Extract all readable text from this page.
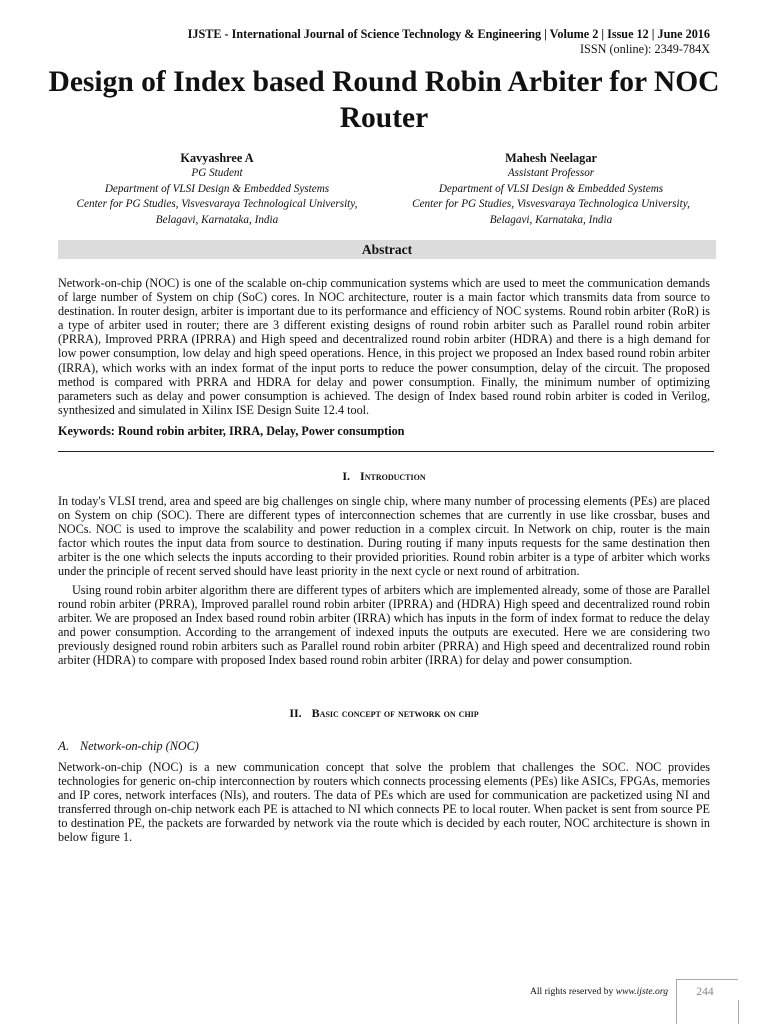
IJSTE - International Journal of Science Technology & Engineering | Volume 2 | Issue 12 | June 2016
ISSN (online): 2349-784X
Design of Index based Round Robin Arbiter for NOC Router
Kavyashree A
PG Student
Department of VLSI Design & Embedded Systems
Center for PG Studies, Visvesvaraya Technological University,
Belagavi, Karnataka, India
Mahesh Neelagar
Assistant Professor
Department of VLSI Design & Embedded Systems
Center for PG Studies, Visvesvaraya Technologica University,
Belagavi, Karnataka, India
Abstract
Network-on-chip (NOC) is one of the scalable on-chip communication systems which are used to meet the communication demands of large number of System on chip (SoC) cores. In NOC architecture, router is a main factor which transmits data from source to destination. In router design, arbiter is important due to its performance and efficiency of NOC systems. Round robin arbiter (RoR) is a type of arbiter used in router; there are 3 different existing designs of round robin arbiter such as Parallel round robin arbiter (PRRA), Improved PRRA (IPRRA) and High speed and decentralized round robin arbiter (HDRA) and there is a high demand for low power consumption, low delay and high speed operations. Hence, in this project we proposed an Index based round robin arbiter (IRRA), which works with an index format of the input ports to reduce the power consumption, delay of the circuit. The proposed method is compared with PRRA and HDRA for delay and power consumption. Finally, the minimum number of optimizing parameters such as delay and power consumption is achieved. The design of Index based round robin arbiter is coded in Verilog, synthesized and simulated in Xilinx ISE Design Suite 12.4 tool.
Keywords: Round robin arbiter, IRRA, Delay, Power consumption
I. Introduction
In today's VLSI trend, area and speed are big challenges on single chip, where many number of processing elements (PEs) are placed on System on chip (SOC). There are different types of interconnection schemes that are currently in use like crossbar, buses and NOCs. NOC is used to improve the scalability and power reduction in a complex circuit. In Network on chip, router is the main factor which routes the input data from source to destination. During routing if many inputs requests for the same destination then arbiter is the one which selects the inputs according to their provided priorities. Round robin arbiter is a type of arbiter which works under the principle of recent served should have least priority in the next cycle or next round of arbitration.
Using round robin arbiter algorithm there are different types of arbiters which are implemented already, some of those are Parallel round robin arbiter (PRRA), Improved parallel round robin arbiter (IPRRA) and (HDRA) High speed and decentralized round robin arbiter. We are proposed an Index based round robin arbiter (IRRA) which has inputs in the form of index format to reduce the delay and power consumption. According to the arrangement of indexed inputs the outputs are executed. Here we are considering two previously designed round robin arbiters such as Parallel round robin arbiter (PRRA) and High speed and decentralized round robin arbiter (HDRA) to compare with proposed Index based round robin arbiter (IRRA) for delay and power consumption.
II. Basic concept of network on chip
A. Network-on-chip (NOC)
Network-on-chip (NOC) is a new communication concept that solve the problem that challenges the SOC. NOC provides technologies for generic on-chip interconnection by routers which connects processing elements (PEs) like ASICs, FPGAs, memories and IP cores, network interfaces (NIs), and routers. The data of PEs which are used for communication are packetized using NI and transferred through on-chip network each PE is attached to NI which connects PE to local router. When packet is sent from source PE to destination PE, the packets are forwarded by network via the route which is decided by each router, NOC architecture is shown in below figure 1.
All rights reserved by www.ijste.org	244
